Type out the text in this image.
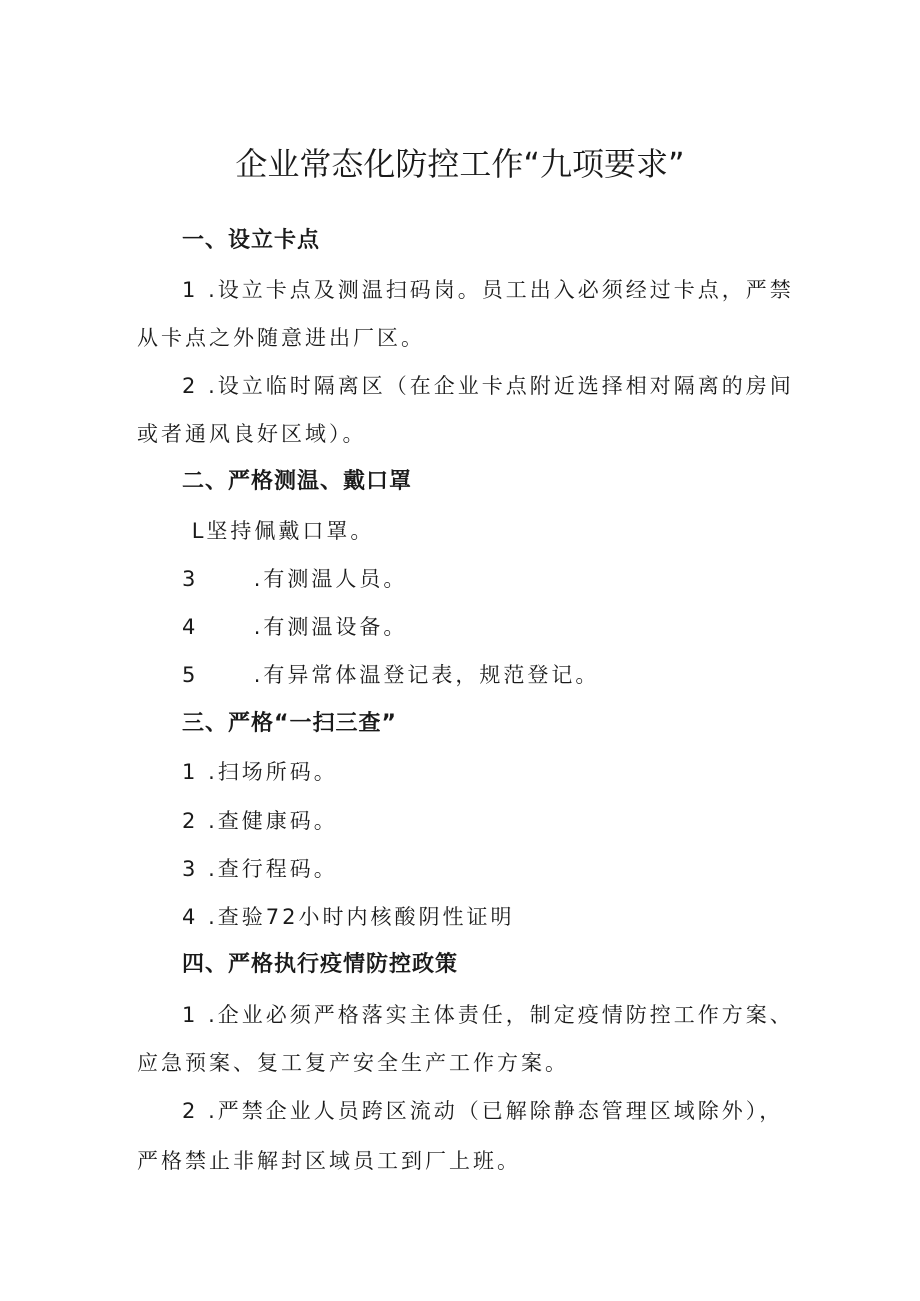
企业常态化防控工作“九项要求”
一、设立卡点
1 .设立卡点及测温扫码岗。员工出入必须经过卡点，严禁
从卡点之外随意进出厂区。
2 .设立临时隔离区（在企业卡点附近选择相对隔离的房间
或者通风良好区域）。
二、严格测温、戴口罩
L坚持佩戴口罩。
3	.有测温人员。
4	.有测温设备。
5	.有异常体温登记表，规范登记。
三、严格“一扫三查”
1 .扫场所码。
2 .查健康码。
3 .查行程码。
4 .查验72小时内核酸阴性证明
四、严格执行疫情防控政策
1 .企业必须严格落实主体责任，制定疫情防控工作方案、
应急预案、复工复产安全生产工作方案。
2 .严禁企业人员跨区流动（已解除静态管理区域除外），
严格禁止非解封区域员工到厂上班。
